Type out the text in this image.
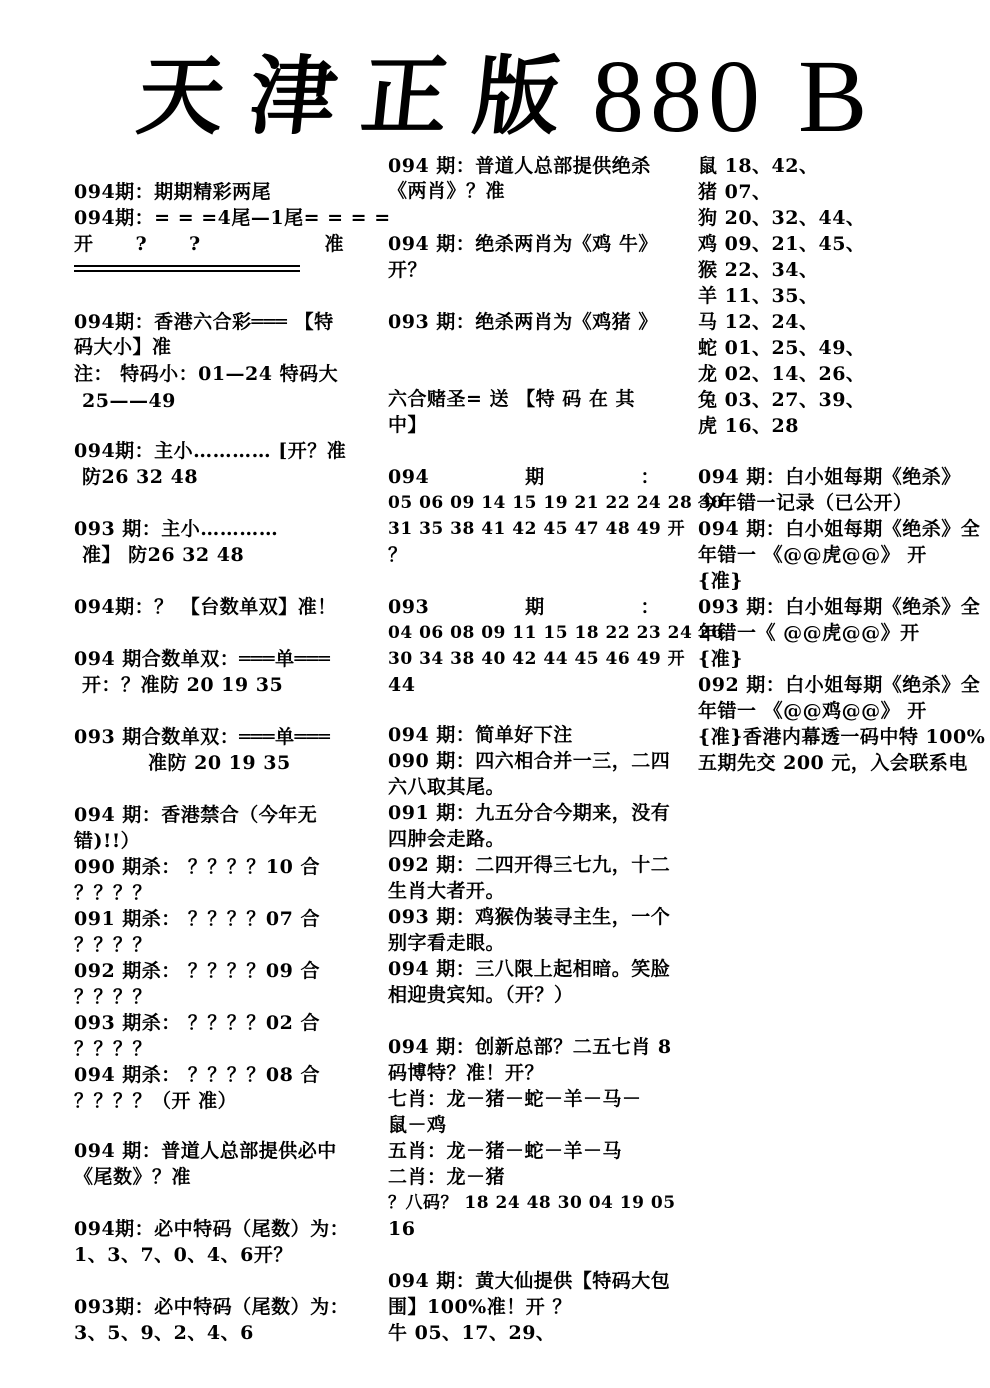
天津正版 880 B
094期：期期精彩两尾
094期：= = =4尾—1尾= = = =
开 ? ?	准
094期：香港六合彩═══ 【特
码大小】准
注： 特码小：01—24 特码大
25——49
094期：主小………… [开？准
防26 32 48
093 期：主小…………
准】 防26 32 48
094期：？ 【台数单双】准！
094 期合数单双：═══单═══
开：？准防 20 19 35
093 期合数单双：═══单═══
准防 20 19 35
094 期：香港禁合（今年无
错)!!）
090 期杀： ？？？？10 合
？？？？
091 期杀： ？？？？07 合
？？？？
092 期杀： ？？？？09 合
？？？？
093 期杀： ？？？？02 合
？？？？
094 期杀： ？？？？08 合
？？？？（开 准）
094 期：普道人总部提供必中
《尾数》？准
094期：必中特码（尾数）为：
1、3、7、0、4、6开？
093期：必中特码（尾数）为：
3、5、9、2、4、6
094 期：普道人总部提供绝杀
《两肖》？准
094 期：绝杀两肖为《鸡 牛》
开？
093 期：绝杀两肖为《鸡猪 》
六合赌圣= 送 【特 码 在 其
中】
094	期	：
05 06 09 14 15 19 21 22 24 28 30
31 35 38 41 42 45 47 48 49 开
？
093	期	：
04 06 08 09 11 15 18 22 23 24 26
30 34 38 40 42 44 45 46 49 开
44
094 期：简单好下注
090 期：四六相合并一三，二四
六八取其尾。
091 期：九五分合今期来，没有
四肿会走路。
092 期：二四开得三七九，十二
生肖大者开。
093 期：鸡猴伪装寻主生，一个
别字看走眼。
094 期：三八限上起相暗。笑脸
相迎贵宾知。（开？）
094 期：创新总部？二五七肖 8
码博特？准！开？
七肖：龙－猪－蛇－羊－马－
鼠－鸡
五肖：龙－猪－蛇－羊－马
二肖：龙－猪
？八码？ 18 24 48 30 04 19 05
16
094 期：黄大仙提供【特码大包
围】100%准！开 ？
牛 05、17、29、
鼠 18、42、
猪 07、
狗 20、32、44、
鸡 09、21、45、
猴 22、34、
羊 11、35、
马 12、24、
蛇 01、25、49、
龙 02、14、26、
兔 03、27、39、
虎 16、28
094 期：白小姐每期《绝杀》
今年错一记录（已公开）
094 期：白小姐每期《绝杀》全
年错一 《@@虎@@》 开
{准}
093 期：白小姐每期《绝杀》全
年错一《 @@虎@@》开
{准}
092 期：白小姐每期《绝杀》全
年错一 《@@鸡@@》 开
{准}香港内幕透一码中特 100%
五期先交 200 元，入会联系电
